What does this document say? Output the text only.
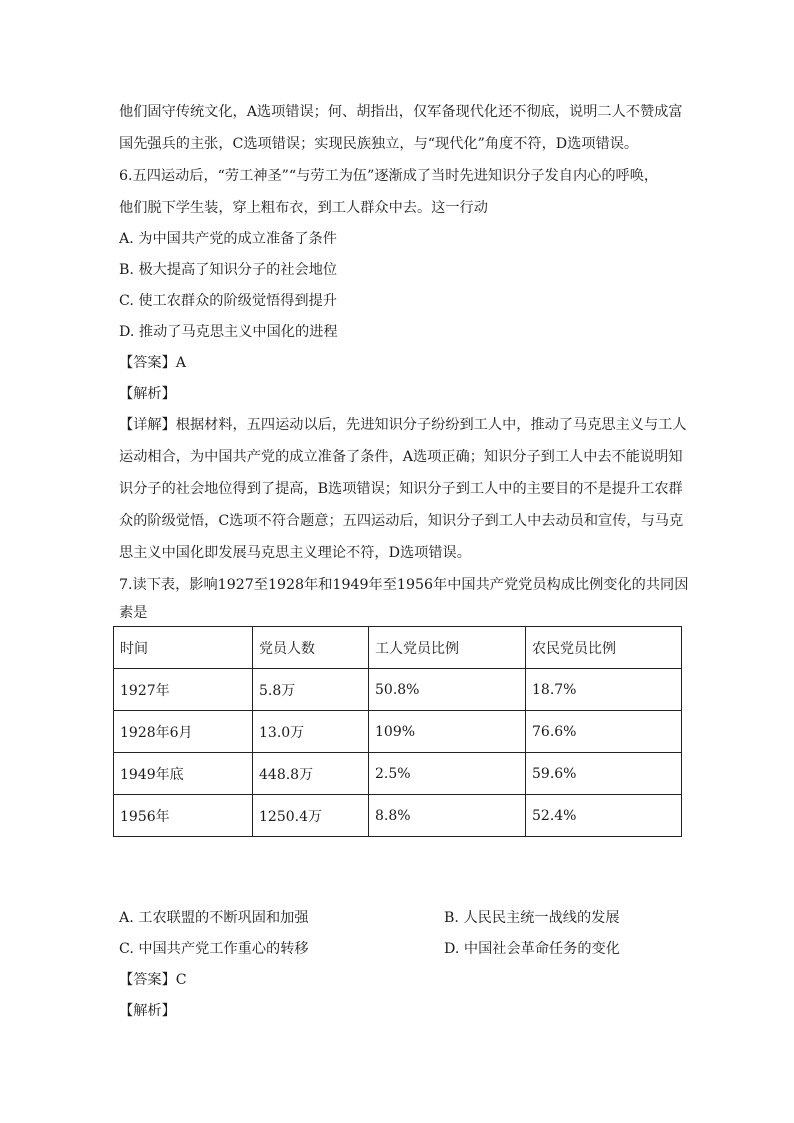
他们固守传统文化，A选项错误；何、胡指出，仅军备现代化还不彻底，说明二人不赞成富
国先强兵的主张，C选项错误；实现民族独立，与“现代化”角度不符，D选项错误。
6.五四运动后，“劳工神圣”“与劳工为伍”逐渐成了当时先进知识分子发自内心的呼唤，
他们脱下学生装，穿上粗布衣，到工人群众中去。这一行动
A. 为中国共产党的成立准备了条件
B. 极大提高了知识分子的社会地位
C. 使工农群众的阶级觉悟得到提升
D. 推动了马克思主义中国化的进程
【答案】A
【解析】
【详解】根据材料，五四运动以后，先进知识分子纷纷到工人中，推动了马克思主义与工人
运动相合，为中国共产党的成立准备了条件，A选项正确；知识分子到工人中去不能说明知
识分子的社会地位得到了提高，B选项错误；知识分子到工人中的主要目的不是提升工农群
众的阶级觉悟，C选项不符合题意；五四运动后，知识分子到工人中去动员和宣传，与马克
思主义中国化即发展马克思主义理论不符，D选项错误。
7.读下表，影响1927至1928年和1949年至1956年中国共产党党员构成比例变化的共同因
素是
时间	党员人数	工人党员比例	农民党员比例
1927年	5.8万	50.8%	18.7%
1928年6月	13.0万	109%	76.6%
1949年底	448.8万	2.5%	59.6%
1956年	1250.4万	8.8%	52.4%
A. 工农联盟的不断巩固和加强	B. 人民民主统一战线的发展
C. 中国共产党工作重心的转移	D. 中国社会革命任务的变化
【答案】C
【解析】
